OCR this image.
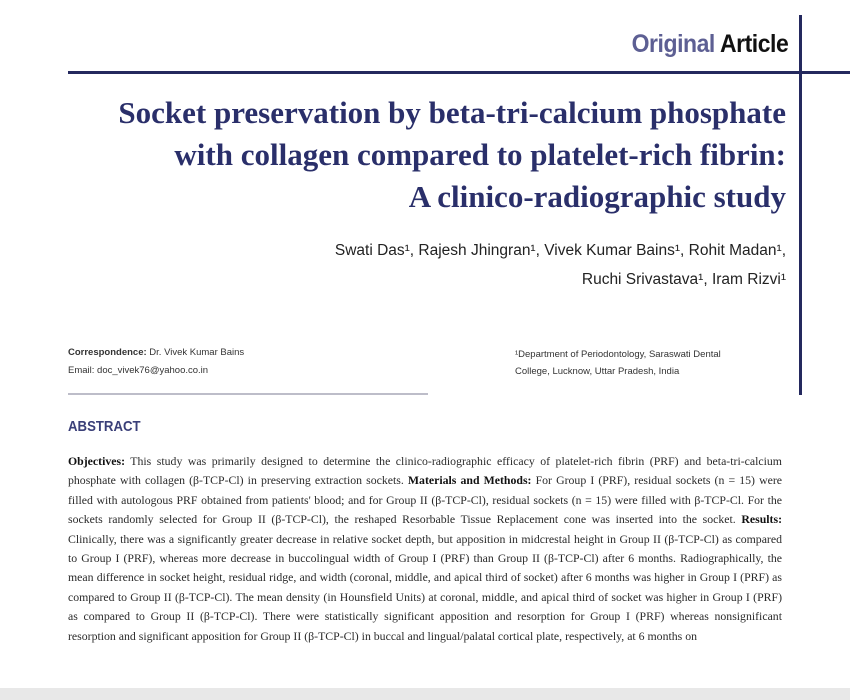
Original Article
Socket preservation by beta-tri-calcium phosphate
with collagen compared to platelet-rich fibrin:
A clinico-radiographic study
Swati Das¹, Rajesh Jhingran¹, Vivek Kumar Bains¹, Rohit Madan¹,
Ruchi Srivastava¹, Iram Rizvi¹
Correspondence: Dr. Vivek Kumar Bains
Email: doc_vivek76@yahoo.co.in
¹Department of Periodontology, Saraswati Dental
College, Lucknow, Uttar Pradesh, India
ABSTRACT
Objectives: This study was primarily designed to determine the clinico-radiographic efficacy of platelet-rich fibrin (PRF) and beta-tri-calcium phosphate with collagen (β-TCP-Cl) in preserving extraction sockets. Materials and Methods: For Group I (PRF), residual sockets (n = 15) were filled with autologous PRF obtained from patients' blood; and for Group II (β-TCP-Cl), residual sockets (n = 15) were filled with β-TCP-Cl. For the sockets randomly selected for Group II (β-TCP-Cl), the reshaped Resorbable Tissue Replacement cone was inserted into the socket. Results: Clinically, there was a significantly greater decrease in relative socket depth, but apposition in midcrestal height in Group II (β-TCP-Cl) as compared to Group I (PRF), whereas more decrease in buccolingual width of Group I (PRF) than Group II (β-TCP-Cl) after 6 months. Radiographically, the mean difference in socket height, residual ridge, and width (coronal, middle, and apical third of socket) after 6 months was higher in Group I (PRF) as compared to Group II (β-TCP-Cl). The mean density (in Hounsfield Units) at coronal, middle, and apical third of socket was higher in Group I (PRF) as compared to Group II (β-TCP-Cl). There were statistically significant apposition and resorption for Group I (PRF) whereas nonsignificant resorption and significant apposition for Group II (β-TCP-Cl) in buccal and lingual/palatal cortical plate, respectively, at 6 months on
